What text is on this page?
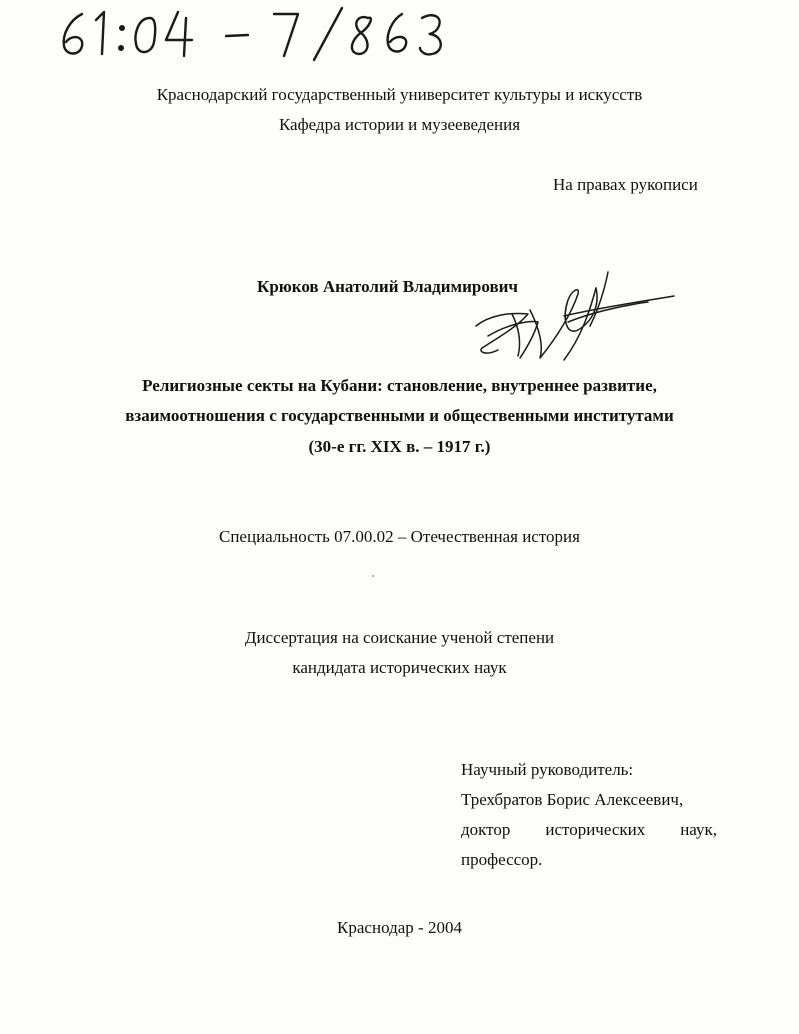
Краснодарский государственный университет культуры и искусств
Кафедра истории и музееведения
На правах рукописи
Крюков Анатолий Владимирович
Религиозные секты на Кубани: становление, внутреннее развитие,
взаимоотношения с государственными и общественными институтами
(30-е гг. XIX в. – 1917 г.)
Специальность 07.00.02 – Отечественная история
Диссертация на соискание ученой степени
кандидата исторических наук
Научный руководитель:
Трехбратов Борис Алексеевич,
доктор исторических наук,
профессор.
Краснодар - 2004
